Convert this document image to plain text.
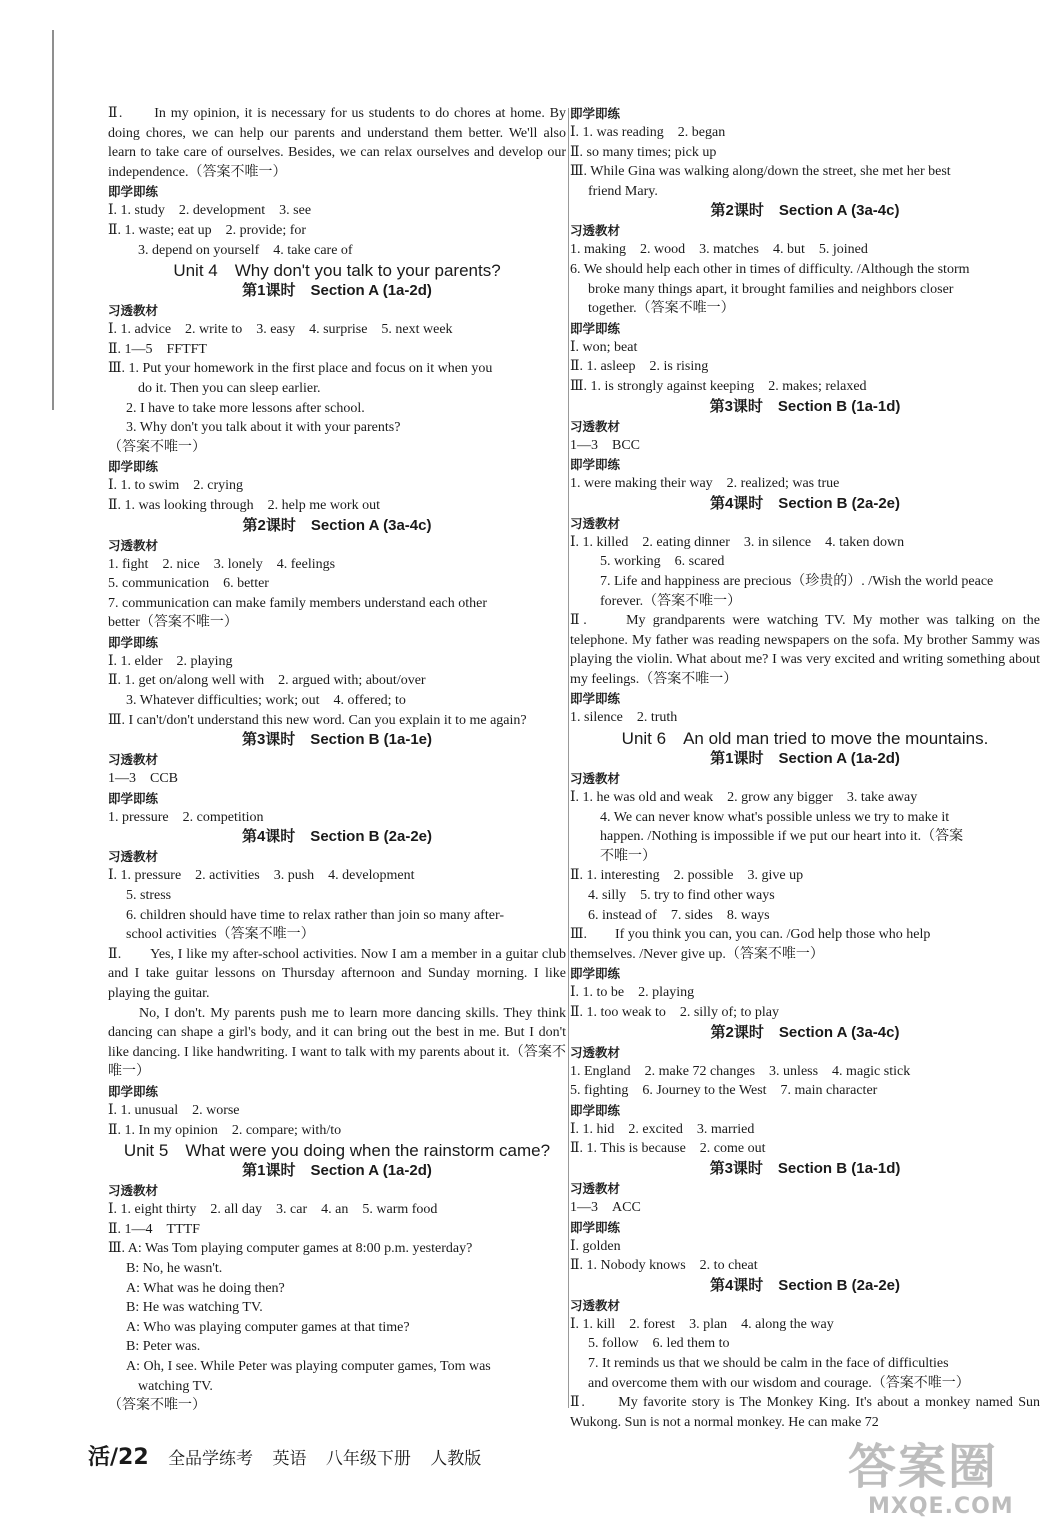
Ⅱ.　　In my opinion, it is necessary for us students to do chores at home. By doing chores, we can help our parents and understand them better. We'll also learn to take care of ourselves. Besides, we can relax ourselves and develop our independence.（答案不唯一）
即学即练
Ⅰ. 1. study　2. development　3. see
Ⅱ. 1. waste; eat up　2. provide; for
3. depend on yourself　4. take care of
Unit 4　Why don't you talk to your parents?
第1课时　Section A (1a-2d)
习透教材
Ⅰ. 1. advice　2. write to　3. easy　4. surprise　5. next week
Ⅱ. 1—5　FFTFT
Ⅲ. 1. Put your homework in the first place and focus on it when you
do it. Then you can sleep earlier.
2. I have to take more lessons after school.
3. Why don't you talk about it with your parents?
（答案不唯一）
即学即练
Ⅰ. 1. to swim　2. crying
Ⅱ. 1. was looking through　2. help me work out
第2课时　Section A (3a-4c)
习透教材
1. fight　2. nice　3. lonely　4. feelings
5. communication　6. better
7. communication can make family members understand each other
better（答案不唯一）
即学即练
Ⅰ. 1. elder　2. playing
Ⅱ. 1. get on/along well with　2. argued with; about/over
3. Whatever difficulties; work; out　4. offered; to
Ⅲ. I can't/don't understand this new word. Can you explain it to me again?
第3课时　Section B (1a-1e)
习透教材
1—3　CCB
即学即练
1. pressure　2. competition
第4课时　Section B (2a-2e)
习透教材
Ⅰ. 1. pressure　2. activities　3. push　4. development
5. stress
6. children should have time to relax rather than join so many after-
school activities（答案不唯一）
Ⅱ.　　Yes, I like my after-school activities. Now I am a member in a guitar club and I take guitar lessons on Thursday afternoon and Sunday morning. I like playing the guitar.
　　No, I don't. My parents push me to learn more dancing skills. They think dancing can shape a girl's body, and it can bring out the best in me. But I don't like dancing. I like handwriting. I want to talk with my parents about it.（答案不唯一）
即学即练
Ⅰ. 1. unusual　2. worse
Ⅱ. 1. In my opinion　2. compare; with/to
Unit 5　What were you doing when the rainstorm came?
第1课时　Section A (1a-2d)
习透教材
Ⅰ. 1. eight thirty　2. all day　3. car　4. an　5. warm food
Ⅱ. 1—4　TTTF
Ⅲ. A: Was Tom playing computer games at 8:00 p.m. yesterday?
B: No, he wasn't.
A: What was he doing then?
B: He was watching TV.
A: Who was playing computer games at that time?
B: Peter was.
A: Oh, I see. While Peter was playing computer games, Tom was
watching TV.
（答案不唯一）
即学即练
Ⅰ. 1. was reading　2. began
Ⅱ. so many times; pick up
Ⅲ. While Gina was walking along/down the street, she met her best
friend Mary.
第2课时　Section A (3a-4c)
习透教材
1. making　2. wood　3. matches　4. but　5. joined
6. We should help each other in times of difficulty. /Although the storm
broke many things apart, it brought families and neighbors closer
together.（答案不唯一）
即学即练
Ⅰ. won; beat
Ⅱ. 1. asleep　2. is rising
Ⅲ. 1. is strongly against keeping　2. makes; relaxed
第3课时　Section B (1a-1d)
习透教材
1—3　BCC
即学即练
1. were making their way　2. realized; was true
第4课时　Section B (2a-2e)
习透教材
Ⅰ. 1. killed　2. eating dinner　3. in silence　4. taken down
5. working　6. scared
7. Life and happiness are precious（珍贵的）. /Wish the world peace
forever.（答案不唯一）
Ⅱ.　　My grandparents were watching TV. My mother was talking on the telephone. My father was reading newspapers on the sofa. My brother Sammy was playing the violin. What about me? I was very excited and writing something about my feelings.（答案不唯一）
即学即练
1. silence　2. truth
Unit 6　An old man tried to move the mountains.
第1课时　Section A (1a-2d)
习透教材
Ⅰ. 1. he was old and weak　2. grow any bigger　3. take away
4. We can never know what's possible unless we try to make it
happen. /Nothing is impossible if we put our heart into it.（答案
不唯一）
Ⅱ. 1. interesting　2. possible　3. give up
4. silly　5. try to find other ways
6. instead of　7. sides　8. ways
Ⅲ.　　If you think you can, you can. /God help those who help
themselves. /Never give up.（答案不唯一）
即学即练
Ⅰ. 1. to be　2. playing
Ⅱ. 1. too weak to　2. silly of; to play
第2课时　Section A (3a-4c)
习透教材
1. England　2. make 72 changes　3. unless　4. magic stick
5. fighting　6. Journey to the West　7. main character
即学即练
Ⅰ. 1. hid　2. excited　3. married
Ⅱ. 1. This is because　2. come out
第3课时　Section B (1a-1d)
习透教材
1—3　ACC
即学即练
Ⅰ. golden
Ⅱ. 1. Nobody knows　2. to cheat
第4课时　Section B (2a-2e)
习透教材
Ⅰ. 1. kill　2. forest　3. plan　4. along the way
5. follow　6. led them to
7. It reminds us that we should be calm in the face of difficulties
and overcome them with our wisdom and courage.（答案不唯一）
Ⅱ.　　My favorite story is The Monkey King. It's about a monkey named Sun Wukong. Sun is not a normal monkey. He can make 72
活/22 全品学练考 英语 八年级下册 人教版	答案圈
MXQE.COM
